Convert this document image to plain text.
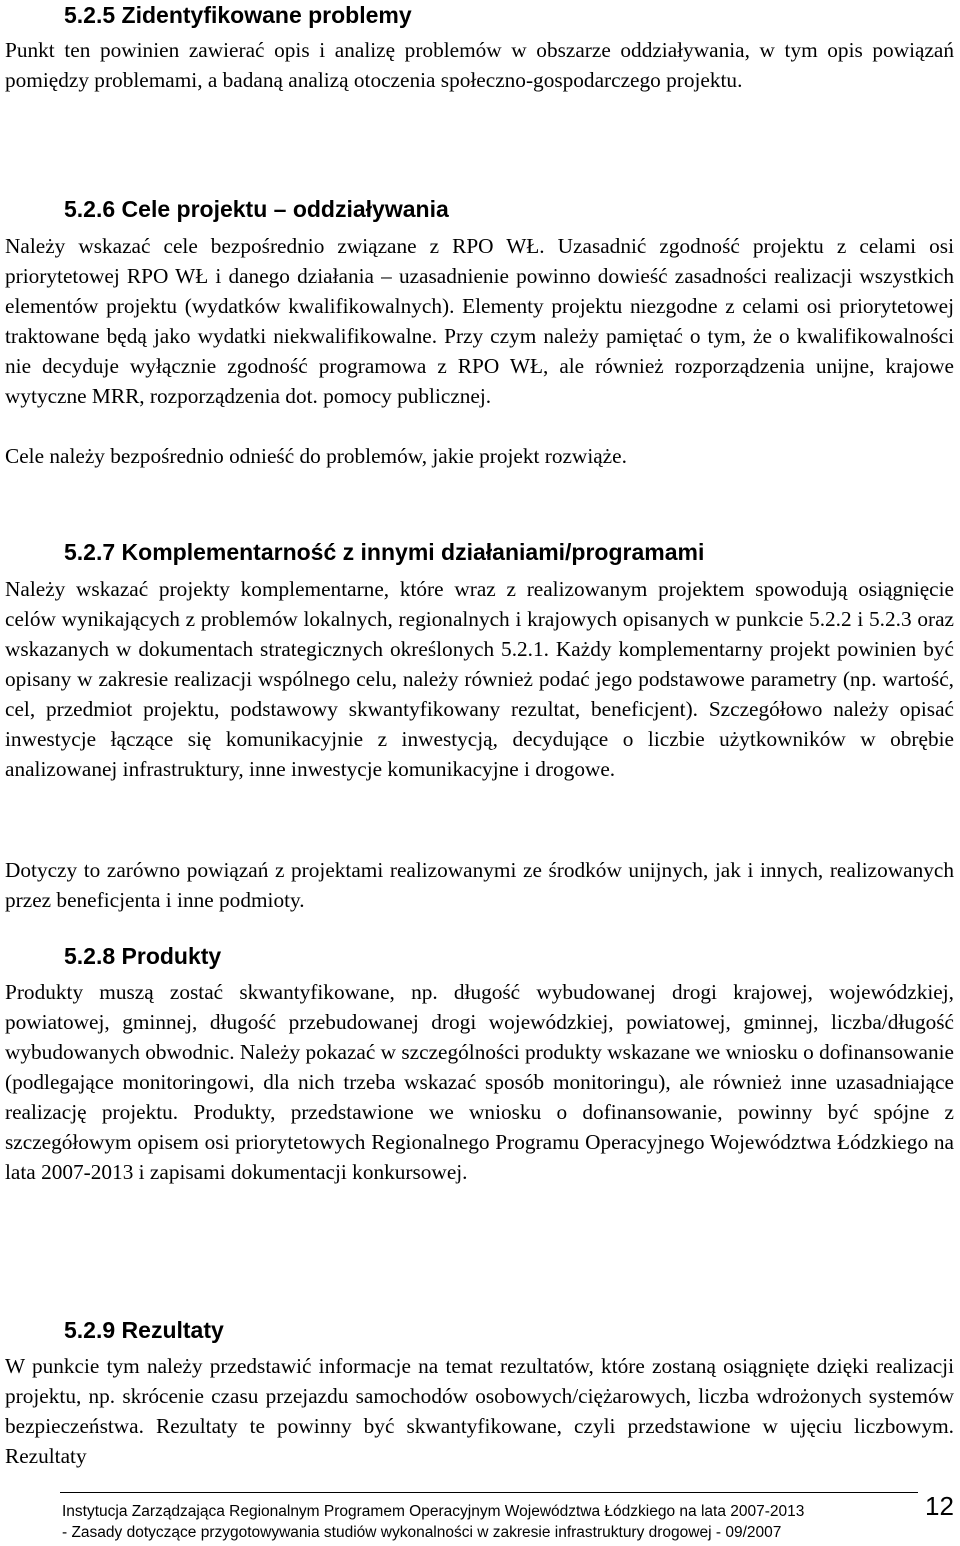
5.2.5 Zidentyfikowane problemy

Punkt ten powinien zawierać opis i analizę problemów w obszarze oddziaływania, w tym opis powiązań pomiędzy problemami, a badaną analizą otoczenia społeczno-gospodarczego projektu.

5.2.6 Cele projektu – oddziaływania

Należy wskazać cele bezpośrednio związane z RPO WŁ. Uzasadnić zgodność projektu z celami osi priorytetowej RPO WŁ i danego działania – uzasadnienie powinno dowieść zasadności realizacji wszystkich elementów projektu (wydatków kwalifikowalnych). Elementy projektu niezgodne z celami osi priorytetowej traktowane będą jako wydatki niekwalifikowalne. Przy czym należy pamiętać o tym, że o kwalifikowalności nie decyduje wyłącznie zgodność programowa z RPO WŁ, ale również rozporządzenia unijne, krajowe wytyczne MRR, rozporządzenia dot. pomocy publicznej.

Cele należy bezpośrednio odnieść do problemów, jakie projekt rozwiąże.

5.2.7 Komplementarność z innymi działaniami/programami

Należy wskazać projekty komplementarne, które wraz z realizowanym projektem spowodują osiągnięcie celów wynikających z problemów lokalnych, regionalnych i krajowych opisanych w punkcie 5.2.2 i 5.2.3 oraz wskazanych w dokumentach strategicznych określonych 5.2.1. Każdy komplementarny projekt powinien być opisany w zakresie realizacji wspólnego celu, należy również podać jego podstawowe parametry (np. wartość, cel, przedmiot projektu, podstawowy skwantyfikowany rezultat, beneficjent). Szczegółowo należy opisać inwestycje łączące się komunikacyjnie z inwestycją, decydujące o liczbie użytkowników w obrębie analizowanej infrastruktury, inne inwestycje komunikacyjne i drogowe.

Dotyczy to zarówno powiązań z projektami realizowanymi ze środków unijnych, jak i innych, realizowanych przez beneficjenta i inne podmioty.

5.2.8 Produkty

Produkty muszą zostać skwantyfikowane, np. długość wybudowanej drogi krajowej, wojewódzkiej, powiatowej, gminnej, długość przebudowanej drogi wojewódzkiej, powiatowej, gminnej, liczba/długość wybudowanych obwodnic. Należy pokazać w szczególności produkty wskazane we wniosku o dofinansowanie (podlegające monitoringowi, dla nich trzeba wskazać sposób monitoringu), ale również inne uzasadniające realizację projektu. Produkty, przedstawione we wniosku o dofinansowanie, powinny być spójne z szczegółowym opisem osi priorytetowych Regionalnego Programu Operacyjnego Województwa Łódzkiego na lata 2007-2013 i zapisami dokumentacji konkursowej.

5.2.9 Rezultaty

W punkcie tym należy przedstawić informacje na temat rezultatów, które zostaną osiągnięte dzięki realizacji projektu, np. skrócenie czasu przejazdu samochodów osobowych/ciężarowych, liczba wdrożonych systemów bezpieczeństwa. Rezultaty te powinny być skwantyfikowane, czyli przedstawione w ujęciu liczbowym. Rezultaty

Instytucja Zarządzająca Regionalnym Programem Operacyjnym Województwa Łódzkiego na lata 2007-2013
- Zasady dotyczące przygotowywania studiów wykonalności w zakresie infrastruktury drogowej - 09/2007
12
